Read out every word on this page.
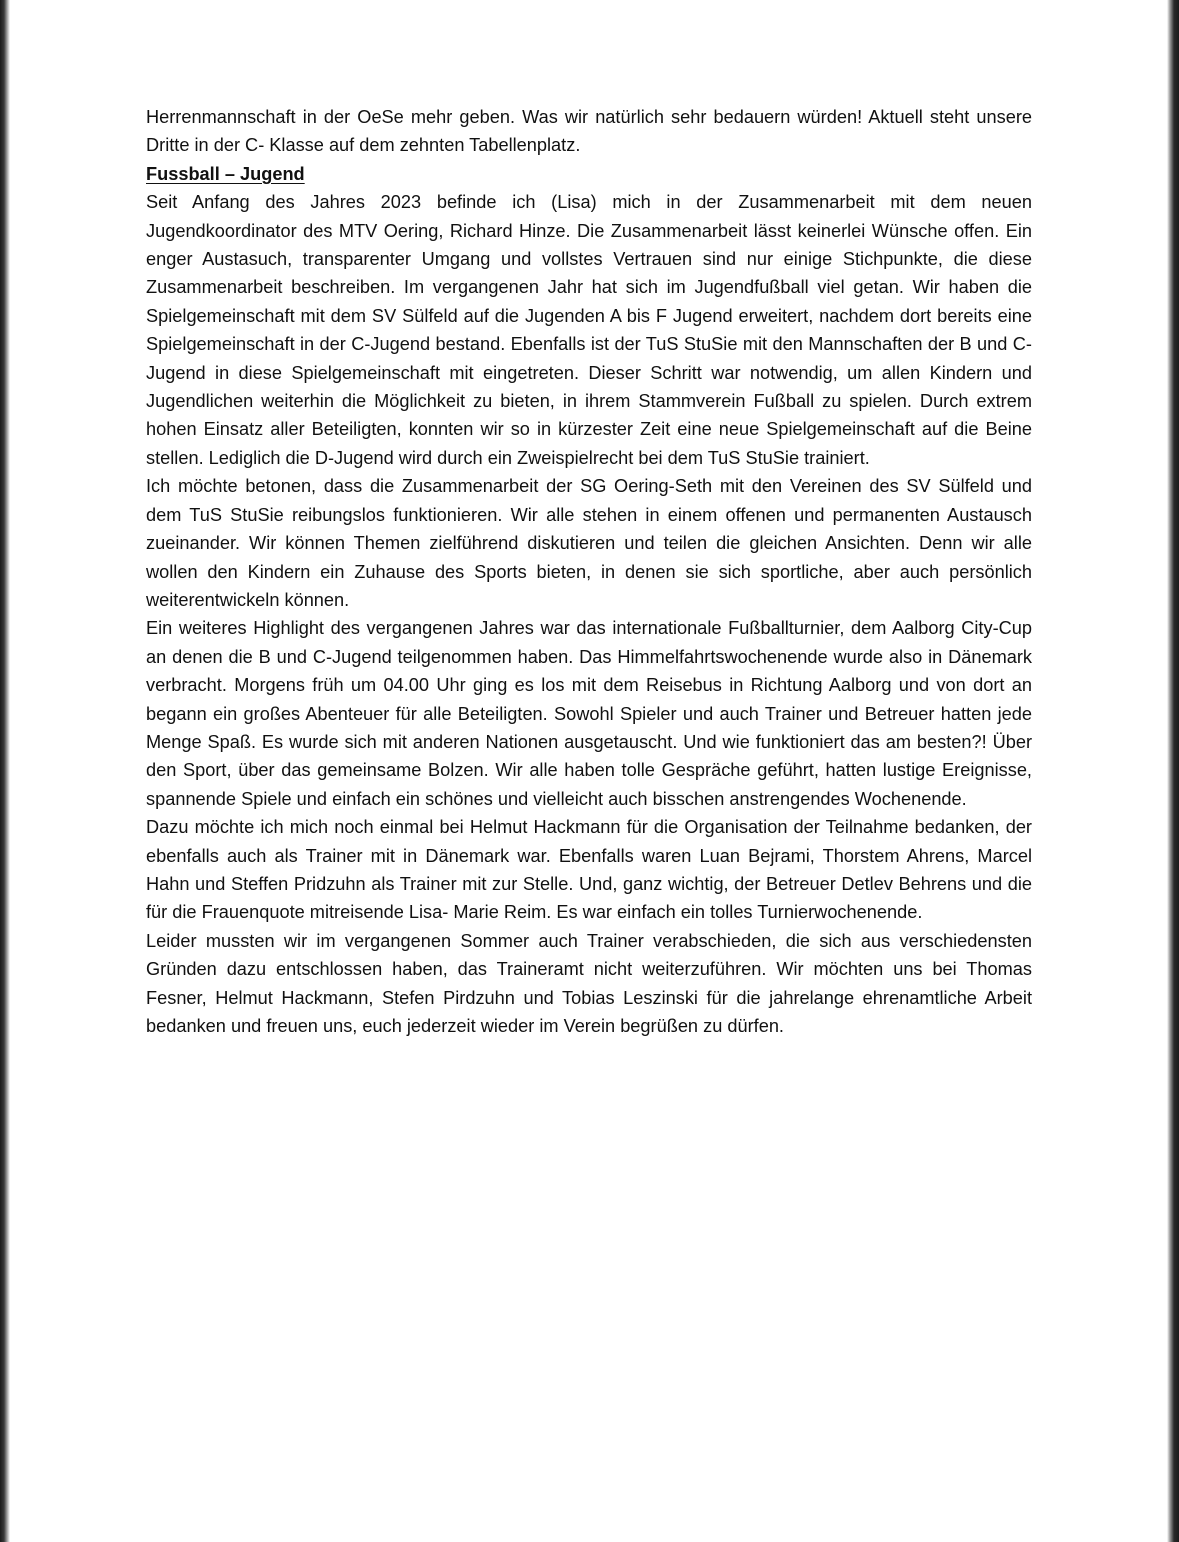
Herrenmannschaft in der OeSe mehr geben. Was wir natürlich sehr bedauern würden! Aktuell steht unsere Dritte in der C- Klasse auf dem zehnten Tabellenplatz.

Fussball – Jugend

Seit Anfang des Jahres 2023 befinde ich (Lisa) mich in der Zusammenarbeit mit dem neuen Jugendkoordinator des MTV Oering, Richard Hinze. Die Zusammenarbeit lässt keinerlei Wünsche offen. Ein enger Austasuch, transparenter Umgang und vollstes Vertrauen sind nur einige Stichpunkte, die diese Zusammenarbeit beschreiben. Im vergangenen Jahr hat sich im Jugendfußball viel getan. Wir haben die Spielgemeinschaft mit dem SV Sülfeld auf die Jugenden A bis F Jugend erweitert, nachdem dort bereits eine Spielgemeinschaft in der C-Jugend bestand. Ebenfalls ist der TuS StuSie mit den Mannschaften der B und C-Jugend in diese Spielgemeinschaft mit eingetreten. Dieser Schritt war notwendig, um allen Kindern und Jugendlichen weiterhin die Möglichkeit zu bieten, in ihrem Stammverein Fußball zu spielen. Durch extrem hohen Einsatz aller Beteiligten, konnten wir so in kürzester Zeit eine neue Spielgemeinschaft auf die Beine stellen. Lediglich die D-Jugend wird durch ein Zweispielrecht bei dem TuS StuSie trainiert.

Ich möchte betonen, dass die Zusammenarbeit der SG Oering-Seth mit den Vereinen des SV Sülfeld und dem TuS StuSie reibungslos funktionieren. Wir alle stehen in einem offenen und permanenten Austausch zueinander. Wir können Themen zielführend diskutieren und teilen die gleichen Ansichten. Denn wir alle wollen den Kindern ein Zuhause des Sports bieten, in denen sie sich sportliche, aber auch persönlich weiterentwickeln können.

Ein weiteres Highlight des vergangenen Jahres war das internationale Fußballturnier, dem Aalborg City-Cup an denen die B und C-Jugend teilgenommen haben. Das Himmelfahrtswochenende wurde also in Dänemark verbracht. Morgens früh um 04.00 Uhr ging es los mit dem Reisebus in Richtung Aalborg und von dort an begann ein großes Abenteuer für alle Beteiligten. Sowohl Spieler und auch Trainer und Betreuer hatten jede Menge Spaß. Es wurde sich mit anderen Nationen ausgetauscht. Und wie funktioniert das am besten?! Über den Sport, über das gemeinsame Bolzen. Wir alle haben tolle Gespräche geführt, hatten lustige Ereignisse, spannende Spiele und einfach ein schönes und vielleicht auch bisschen anstrengendes Wochenende.

Dazu möchte ich mich noch einmal bei Helmut Hackmann für die Organisation der Teilnahme bedanken, der ebenfalls auch als Trainer mit in Dänemark war. Ebenfalls waren Luan Bejrami, Thorstem Ahrens, Marcel Hahn und Steffen Pridzuhn als Trainer mit zur Stelle. Und, ganz wichtig, der Betreuer Detlev Behrens und die für die Frauenquote mitreisende Lisa- Marie Reim. Es war einfach ein tolles Turnierwochenende.

Leider mussten wir im vergangenen Sommer auch Trainer verabschieden, die sich aus verschiedensten Gründen dazu entschlossen haben, das Traineramt nicht weiterzuführen. Wir möchten uns bei Thomas Fesner, Helmut Hackmann, Stefen Pirdzuhn und Tobias Leszinski für die jahrelange ehrenamtliche Arbeit bedanken und freuen uns, euch jederzeit wieder im Verein begrüßen zu dürfen.
